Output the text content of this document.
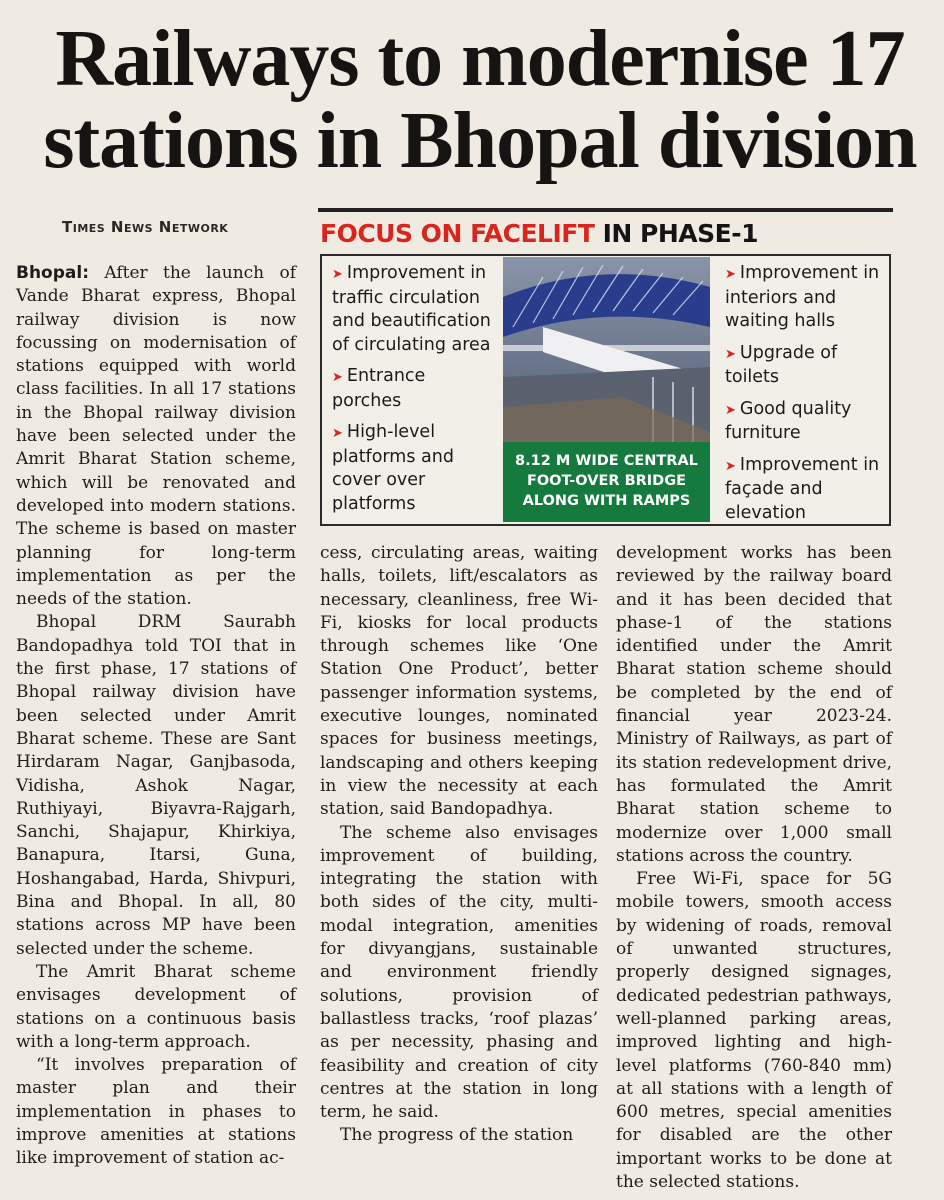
Railways to modernise 17
stations in Bhopal division
Times News Network	FOCUS ON FACELIFT IN PHASE-1
➤ Improvement in traffic circulation and beautification of circulating area
➤ Entrance porches
➤ High-level platforms and cover over platforms
8.12 M WIDE CENTRAL FOOT-OVER BRIDGE ALONG WITH RAMPS
➤ Improvement in interiors and waiting halls
➤ Upgrade of toilets
➤ Good quality furniture
➤ Improvement in façade and elevation

Bhopal: After the launch of Vande Bharat express, Bhopal railway division is now focussing on modernisation of stations equipped with world class facilities. In all 17 stations in the Bhopal railway division have been selected under the Amrit Bharat Station scheme, which will be renovated and developed into modern stations. The scheme is based on master planning for long-term implementation as per the needs of the station.

Bhopal DRM Saurabh Bandopadhya told TOI that in the first phase, 17 stations of Bhopal railway division have been selected under Amrit Bharat scheme. These are Sant Hirdaram Nagar, Ganjbasoda, Vidisha, Ashok Nagar, Ruthiyayi, Biyavra-Rajgarh, Sanchi, Shajapur, Khirkiya, Banapura, Itarsi, Guna, Hoshangabad, Harda, Shivpuri, Bina and Bhopal. In all, 80 stations across MP have been selected under the scheme.

The Amrit Bharat scheme envisages development of stations on a continuous basis with a long-term approach.

“It involves preparation of master plan and their implementation in phases to improve amenities at stations like improvement of station ac-

cess, circulating areas, waiting halls, toilets, lift/escalators as necessary, cleanliness, free Wi-Fi, kiosks for local products through schemes like ‘One Station One Product’, better passenger information systems, executive lounges, nominated spaces for business meetings, landscaping and others keeping in view the necessity at each station, said Bandopadhya.

The scheme also envisages improvement of building, integrating the station with both sides of the city, multi-modal integration, amenities for divyangjans, sustainable and environment friendly solutions, provision of ballastless tracks, ‘roof plazas’ as per necessity, phasing and feasibility and creation of city centres at the station in long term, he said.

The progress of the station

development works has been reviewed by the railway board and it has been decided that phase-1 of the stations identified under the Amrit Bharat station scheme should be completed by the end of financial year 2023-24. Ministry of Railways, as part of its station redevelopment drive, has formulated the Amrit Bharat station scheme to modernize over 1,000 small stations across the country.

Free Wi-Fi, space for 5G mobile towers, smooth access by widening of roads, removal of unwanted structures, properly designed signages, dedicated pedestrian pathways, well-planned parking areas, improved lighting and high-level platforms (760-840 mm) at all stations with a length of 600 metres, special amenities for disabled are the other important works to be done at the selected stations.
